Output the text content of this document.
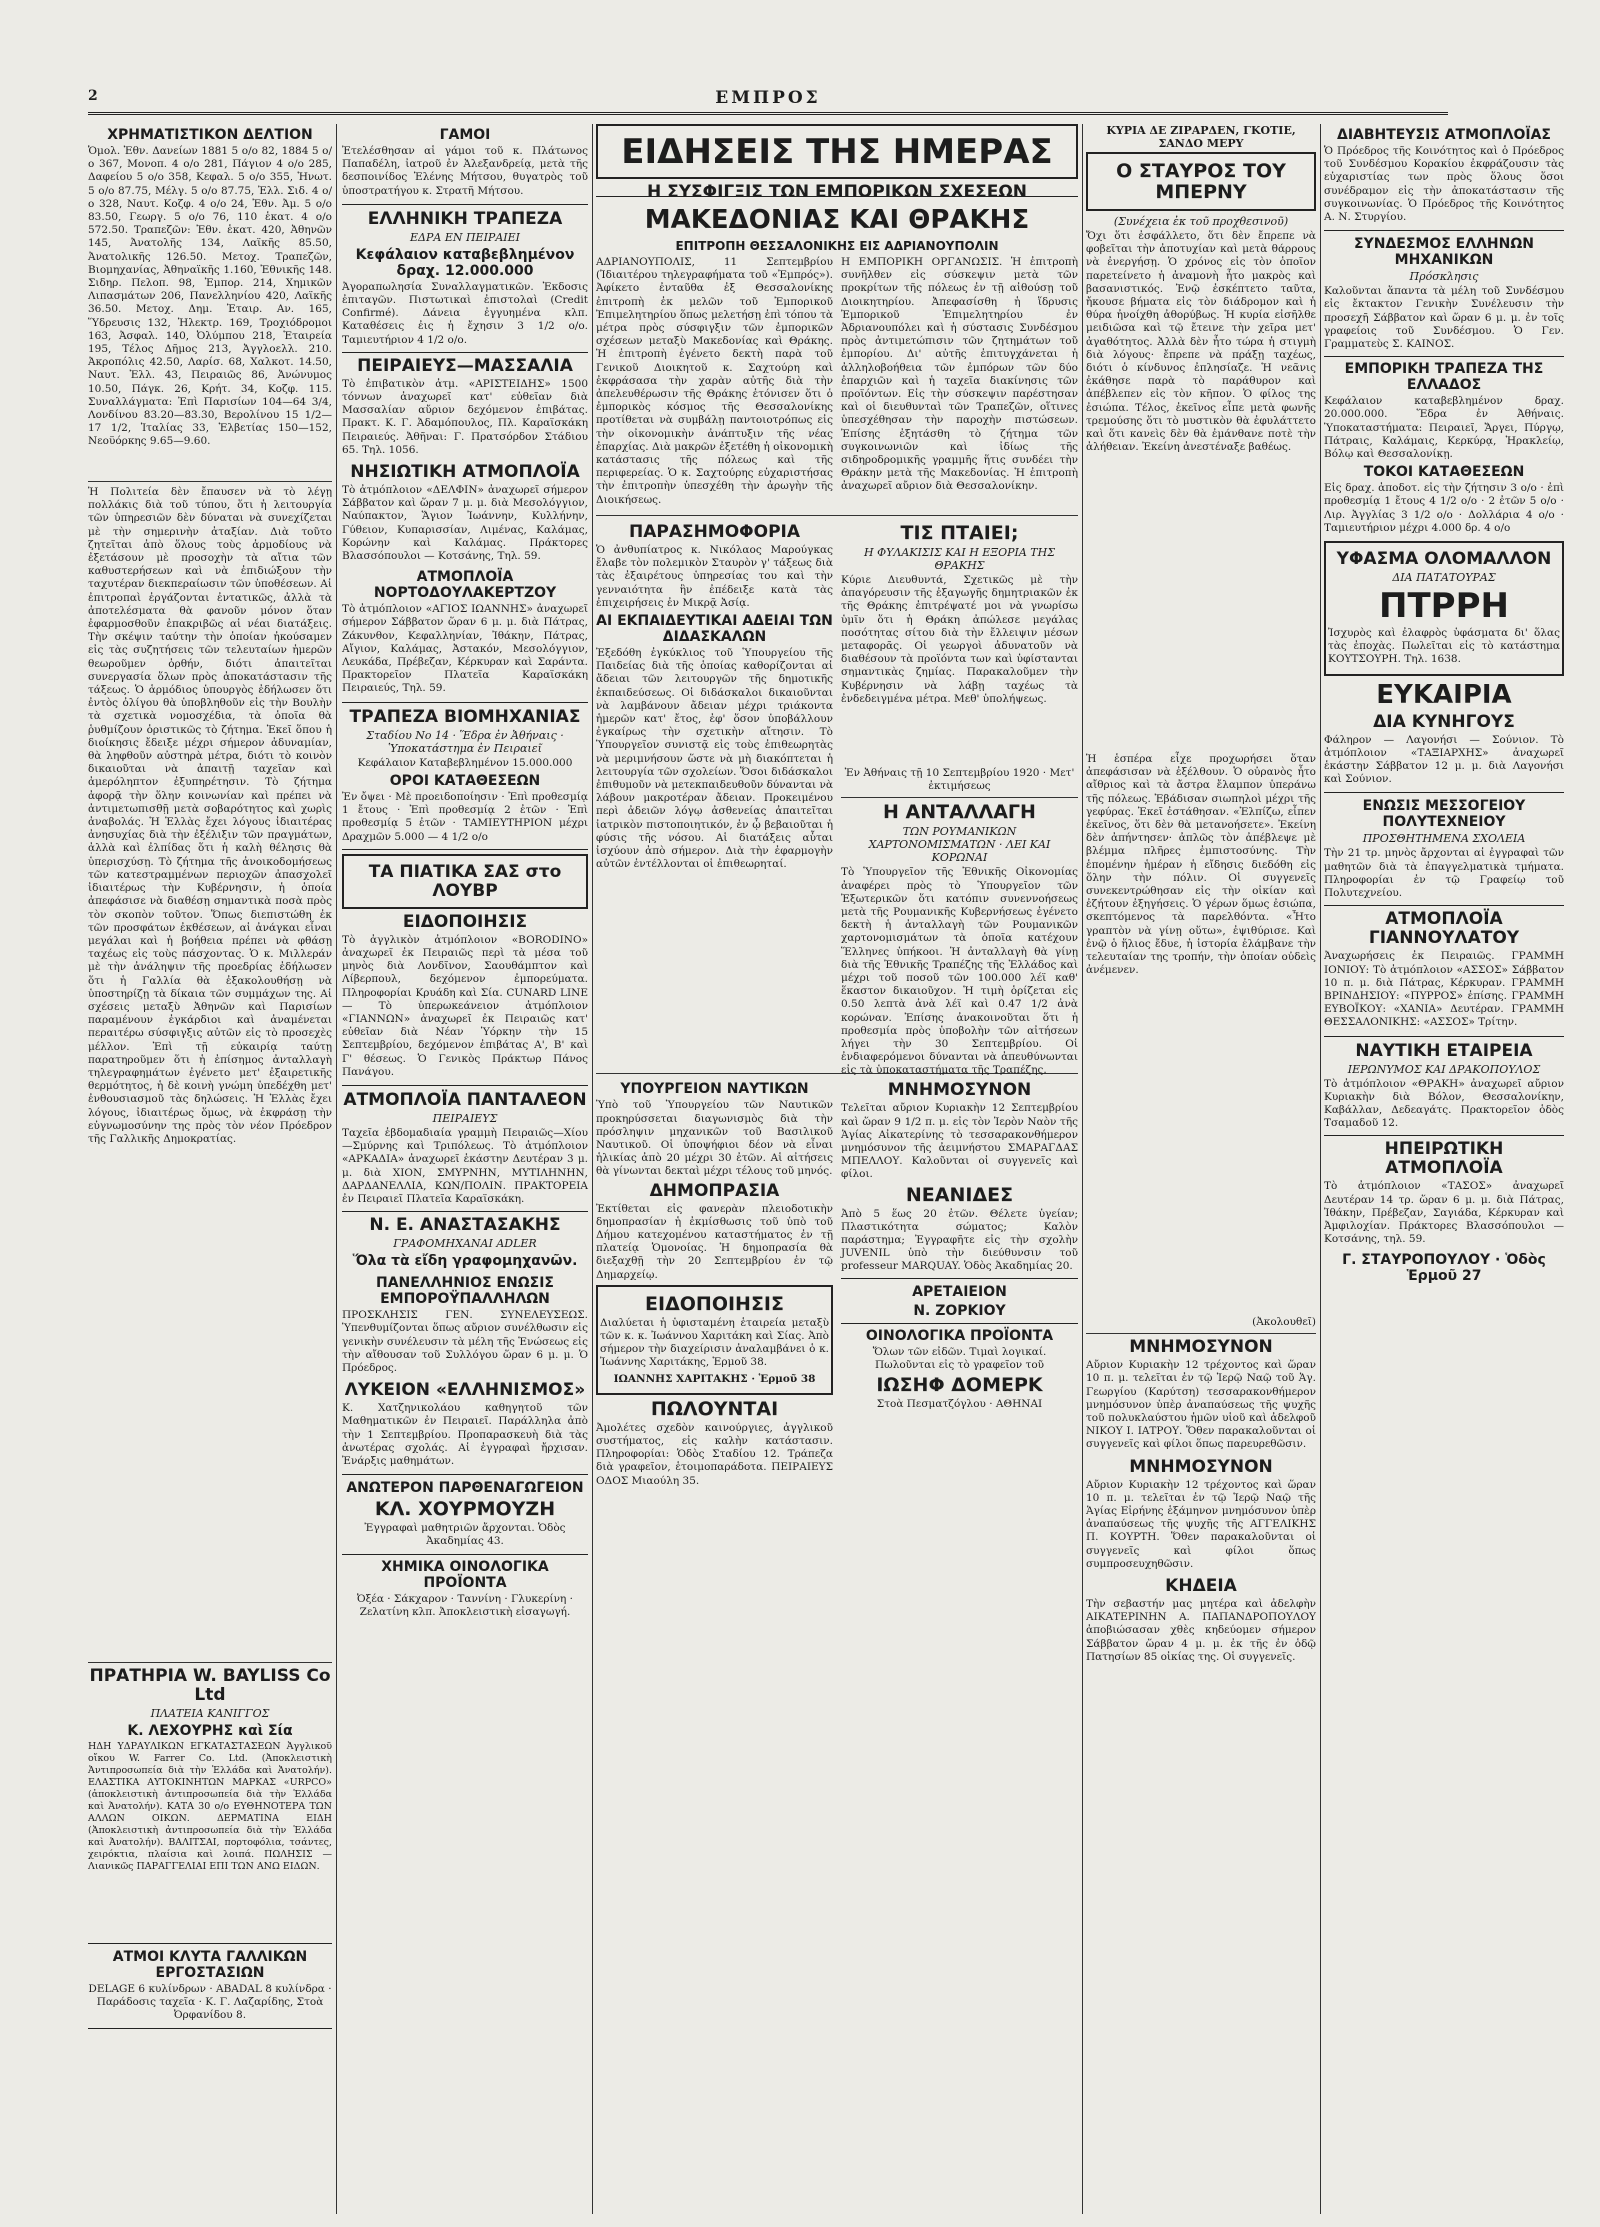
2	ΕΜΠΡΟΣ
ΧΡΗΜΑΤΙΣΤΙΚΟΝ ΔΕΛΤΙΟΝ
Ὁμολ. Ἐθν. Δανείων 1881 5 ο/ο 82, 1884 5 ο/ο 367, Μονοπ. 4 ο/ο 281, Πάγιον 4 ο/ο 285, Δαφείου 5 ο/ο 358, Κεφαλ. 5 ο/ο 355, Ἡνωτ. 5 ο/ο 87.75, Μέλγ. 5 ο/ο 87.75, Ἐλλ. Σιδ. 4 ο/ο 328, Ναυτ. Κοζφ. 4 ο/ο 24, Ἐθν. Ἀμ. 5 ο/ο 83.50, Γεωργ. 5 ο/ο 76, 110 ἑκατ. 4 ο/ο 572.50. Τραπεζῶν: Ἐθν. ἑκατ. 420, Ἀθηνῶν 145, Ἀνατολῆς 134, Λαϊκῆς 85.50, Ἀνατολικῆς 126.50. Μετοχ. Τραπεζῶν, Βιομηχανίας, Ἀθηναϊκῆς 1.160, Ἐθνικῆς 148. Σιδηρ. Πελοπ. 98, Ἐμπορ. 214, Χημικῶν Λιπασμάτων 206, Πανελληνίου 420, Λαϊκῆς 36.50. Μετοχ. Δημ. Ἐταιρ. Αν. 165, Ὕδρευσις 132, Ἡλεκτρ. 169, Τροχιόδρομοι 163, Ἀσφαλ. 140, Ὀλύμπου 218, Ἑταιρεία 195, Τέλος Δῆμος 213, Ἀγγλοελλ. 210. Ἀκροπόλις 42.50, Λαρίσ. 68, Χαλκοτ. 14.50, Ναυτ. Ἐλλ. 43, Πειραιῶς 86, Ἀνώνυμος 10.50, Πάγκ. 26, Κρήτ. 34, Κοζφ. 115. Συναλλάγματα: Ἐπὶ Παρισίων 104—64 3/4, Λονδίνου 83.20—83.30, Βερολίνου 15 1/2—17 1/2, Ἰταλίας 33, Ἑλβετίας 150—152, Νεοϋόρκης 9.65—9.60.
Ἡ Πολιτεία δὲν ἔπαυσεν νὰ τὸ λέγῃ πολλάκις διὰ τοῦ τύπου, ὅτι ἡ λειτουργία τῶν ὑπηρεσιῶν δὲν δύναται νὰ συνεχίζεται μὲ τὴν σημερινὴν ἀταξίαν. Διὰ τοῦτο ζητεῖται ἀπὸ ὅλους τοὺς ἁρμοδίους νὰ ἐξετάσουν μὲ προσοχὴν τὰ αἴτια τῶν καθυστερήσεων καὶ νὰ ἐπιδιώξουν τὴν ταχυτέραν διεκπεραίωσιν τῶν ὑποθέσεων. Αἱ ἐπιτροπαὶ ἐργάζονται ἐντατικῶς, ἀλλὰ τὰ ἀποτελέσματα θὰ φανοῦν μόνον ὅταν ἐφαρμοσθοῦν ἐπακριβῶς αἱ νέαι διατάξεις. Τὴν σκέψιν ταύτην τὴν ὁποίαν ἠκούσαμεν εἰς τὰς συζητήσεις τῶν τελευταίων ἡμερῶν θεωροῦμεν ὀρθήν, διότι ἀπαιτεῖται συνεργασία ὅλων πρὸς ἀποκατάστασιν τῆς τάξεως. Ὁ ἁρμόδιος ὑπουργὸς ἐδήλωσεν ὅτι ἐντὸς ὀλίγου θὰ ὑποβληθοῦν εἰς τὴν Βουλὴν τὰ σχετικὰ νομοσχέδια, τὰ ὁποῖα θὰ ῥυθμίζουν ὁριστικῶς τὸ ζήτημα. Ἐκεῖ ὅπου ἡ διοίκησις ἔδειξε μέχρι σήμερον ἀδυναμίαν, θὰ ληφθοῦν αὐστηρὰ μέτρα, διότι τὸ κοινὸν δικαιοῦται νὰ ἀπαιτῇ ταχεῖαν καὶ ἀμερόληπτον ἐξυπηρέτησιν. Τὸ ζήτημα ἀφορᾷ τὴν ὅλην κοινωνίαν καὶ πρέπει νὰ ἀντιμετωπισθῇ μετὰ σοβαρότητος καὶ χωρὶς ἀναβολάς. Ἡ Ἑλλὰς ἔχει λόγους ἰδιαιτέρας ἀνησυχίας διὰ τὴν ἐξέλιξιν τῶν πραγμάτων, ἀλλὰ καὶ ἐλπίδας ὅτι ἡ καλὴ θέλησις θὰ ὑπερισχύσῃ. Τὸ ζήτημα τῆς ἀνοικοδομήσεως τῶν κατεστραμμένων περιοχῶν ἀπασχολεῖ ἰδιαιτέρως τὴν Κυβέρνησιν, ἡ ὁποία ἀπεφάσισε νὰ διαθέσῃ σημαντικὰ ποσὰ πρὸς τὸν σκοπὸν τοῦτον. Ὅπως διεπιστώθη ἐκ τῶν προσφάτων ἐκθέσεων, αἱ ἀνάγκαι εἶναι μεγάλαι καὶ ἡ βοήθεια πρέπει νὰ φθάσῃ ταχέως εἰς τοὺς πάσχοντας. Ὁ κ. Μιλλεράν μὲ τὴν ἀνάληψιν τῆς προεδρίας ἐδήλωσεν ὅτι ἡ Γαλλία θὰ ἐξακολουθήσῃ νὰ ὑποστηρίζῃ τὰ δίκαια τῶν συμμάχων της. Αἱ σχέσεις μεταξὺ Ἀθηνῶν καὶ Παρισίων παραμένουν ἐγκάρδιοι καὶ ἀναμένεται περαιτέρω σύσφιγξις αὐτῶν εἰς τὸ προσεχὲς μέλλον. Ἐπὶ τῇ εὐκαιρίᾳ ταύτῃ παρατηροῦμεν ὅτι ἡ ἐπίσημος ἀνταλλαγὴ τηλεγραφημάτων ἐγένετο μετ' ἐξαιρετικῆς θερμότητος, ἡ δὲ κοινὴ γνώμη ὑπεδέχθη μετ' ἐνθουσιασμοῦ τὰς δηλώσεις. Ἡ Ἑλλὰς ἔχει λόγους, ἰδιαιτέρως ὅμως, νὰ ἐκφράσῃ τὴν εὐγνωμοσύνην της πρὸς τὸν νέον Πρόεδρον τῆς Γαλλικῆς Δημοκρατίας.
ΠΡΑΤΗΡΙΑ W. BAYLISS Co Ltd
ΠΛΑΤΕΙΑ ΚΑΝΙΓΓΟΣ
Κ. ΛΕΧΟΥΡΗΣ καὶ Σία
ΗΔΗ ΥΔΡΑΥΛΙΚΩΝ ΕΓΚΑΤΑΣΤΑΣΕΩΝ Ἀγγλικοῦ οἴκου W. Farrer Co. Ltd. (Ἀποκλειστικὴ Ἀντιπροσωπεία διὰ τὴν Ἑλλάδα καὶ Ἀνατολήν). ΕΛΑΣΤΙΚΑ ΑΥΤΟΚΙΝΗΤΩΝ ΜΑΡΚΑΣ «URPCO» (ἀποκλειστικὴ ἀντιπροσωπεία διὰ τὴν Ἑλλάδα καὶ Ἀνατολήν). ΚΑΤΑ 30 ο/ο ΕΥΘΗΝΟΤΕΡΑ ΤΩΝ ΑΛΛΩΝ ΟΙΚΩΝ. ΔΕΡΜΑΤΙΝΑ ΕΙΔΗ (Ἀποκλειστικὴ ἀντιπροσωπεία διὰ τὴν Ἑλλάδα καὶ Ἀνατολήν). ΒΑΛΙΤΣΑΙ, πορτοφόλια, τσάντες, χειρόκτια, πλαίσια καὶ λοιπά. ΠΩΛΗΣΙΣ — Λιανικῶς ΠΑΡΑΓΓΕΛΙΑΙ ΕΠΙ ΤΩΝ ΑΝΩ ΕΙΔΩΝ.
ΑΤΜΟΙ ΚΛΥΤΑ ΓΑΛΛΙΚΩΝ ΕΡΓΟΣΤΑΣΙΩΝ
DELAGE 6 κυλίνδρων · ABADAL 8 κυλίνδρα · Παράδοσις ταχεῖα · Κ. Γ. Λαζαρίδης, Στοὰ Ὀρφανίδου 8.
ΓΑΜΟΙ
Ἐτελέσθησαν αἱ γάμοι τοῦ κ. Πλάτωνος Παπαδέλη, ἰατροῦ ἐν Ἀλεξανδρείᾳ, μετὰ τῆς δεσποινίδος Ἑλένης Μήτσου, θυγατρὸς τοῦ ὑποστρατήγου κ. Στρατῆ Μήτσου.
ΕΛΛΗΝΙΚΗ ΤΡΑΠΕΖΑ
ΕΔΡΑ ΕΝ ΠΕΙΡΑΙΕΙ
Κεφάλαιον καταβεβλημένον δραχ. 12.000.000
Ἀγοραπωλησία Συναλλαγματικῶν. Ἐκδοσις ἐπιταγῶν. Πιστωτικαὶ ἐπιστολαὶ (Credit Confirmé). Δάνεια ἐγγυημένα κλπ. Καταθέσεις ἐις ἡ ἔχησιν 3 1/2 ο/ο. Ταμιευτήριον 4 1/2 ο/ο.
ΠΕΙΡΑΙΕΥΣ—ΜΑΣΣΑΛΙΑ
Τὸ ἐπιβατικὸν ἀτμ. «ΑΡΙΣΤΕΙΔΗΣ» 1500 τόννων ἀναχωρεῖ κατ' εὐθεῖαν διὰ Μασσαλίαν αὔριον δεχόμενον ἐπιβάτας. Πρακτ. Κ. Γ. Ἀδαμόπουλος, Πλ. Καραϊσκάκη Πειραιεύς. Ἀθῆναι: Γ. Πρατσόρδον Στάδιου 65. Τηλ. 1056.
ΝΗΣΙΩΤΙΚΗ ΑΤΜΟΠΛΟΪΑ
Τὸ ἀτμόπλοιον «ΔΕΛΦΙΝ» ἀναχωρεῖ σήμερον Σάββατον καὶ ὥραν 7 μ. μ. διὰ Μεσολόγγιον, Ναύπακτον, Ἅγιον Ἰωάννην, Κυλλήνην, Γύθειον, Κυπαρισσίαν, Λιμένας, Καλάμας, Κορώνην καὶ Καλάμας. Πράκτορες Βλασσόπουλοι — Κοτσάνης, Τηλ. 59.
ΑΤΜΟΠΛΟΪΑ ΝΟΡΤΟΔΟΥΛΑΚΕΡΤΖΟΥ
Τὸ ἀτμόπλοιον «ΑΓΙΟΣ ΙΩΑΝΝΗΣ» ἀναχωρεῖ σήμερον Σάββατον ὥραν 6 μ. μ. διὰ Πάτρας, Ζάκυνθον, Κεφαλληνίαν, Ἰθάκην, Πάτρας, Αἴγιον, Καλάμας, Ἀστακόν, Μεσολόγγιον, Λευκάδα, Πρέβεζαν, Κέρκυραν καὶ Σαράντα. Πρακτορεῖον Πλατεῖα Καραϊσκάκη Πειραιεύς, Τηλ. 59.
ΤΡΑΠΕΖΑ ΒΙΟΜΗΧΑΝΙΑΣ
Σταδίου No 14 · Ἕδρα ἐν Ἀθήναις · Ὑποκατάστημα ἐν Πειραιεῖ
Κεφάλαιον Καταβεβλημένον 15.000.000
ΟΡΟΙ ΚΑΤΑΘΕΣΕΩΝ
Ἐν ὄψει · Μὲ προειδοποίησιν · Ἐπὶ προθεσμίᾳ 1 ἔτους · Ἐπὶ προθεσμίᾳ 2 ἐτῶν · Ἐπὶ προθεσμίᾳ 5 ἐτῶν · ΤΑΜΙΕΥΤΗΡΙΟΝ μέχρι Δραχμῶν 5.000 — 4 1/2 ο/ο
ΤΑ ΠΙΑΤΙΚΑ ΣΑΣ στο ΛΟΥΒΡ
ΕΙΔΟΠΟΙΗΣΙΣ
Τὸ ἀγγλικὸν ἀτμόπλοιον «BORODINO» ἀναχωρεῖ ἐκ Πειραιῶς περὶ τὰ μέσα τοῦ μηνὸς διὰ Λονδῖνον, Σαουθάμπτον καὶ Λίβερπουλ, δεχόμενον ἐμπορεύματα. Πληροφορίαι Κρυάδη καὶ Σία. CUNARD LINE — Τὸ ὑπερωκεάνειον ἀτμόπλοιον «ΓΙΑΝΝΩΝ» ἀναχωρεῖ ἐκ Πειραιῶς κατ' εὐθεῖαν διὰ Νέαν Ὑόρκην τὴν 15 Σεπτεμβρίου, δεχόμενον ἐπιβάτας Α', Β' καὶ Γ' θέσεως. Ὁ Γενικὸς Πράκτωρ Πάνος Πανάγου.
ΑΤΜΟΠΛΟΪΑ ΠΑΝΤΑΛΕΟΝ
ΠΕΙΡΑΙΕΥΣ
Ταχεῖα ἑβδομαδιαία γραμμὴ Πειραιῶς—Χίου—Σμύρνης καὶ Τριπόλεως. Τὸ ἀτμόπλοιον «ΑΡΚΑΔΙΑ» ἀναχωρεῖ ἑκάστην Δευτέραν 3 μ. μ. διὰ ΧΙΟΝ, ΣΜΥΡΝΗΝ, ΜΥΤΙΛΗΝΗΝ, ΔΑΡΔΑΝΕΛΛΙΑ, ΚΩΝ/ΠΟΛΙΝ. ΠΡΑΚΤΟΡΕΙΑ ἐν Πειραιεῖ Πλατεῖα Καραϊσκάκη.
Ν. Ε. ΑΝΑΣΤΑΣΑΚΗΣ
ΓΡΑΦΟΜΗΧΑΝΑΙ ADLER
Ὅλα τὰ εἴδη γραφομηχανῶν.
ΠΑΝΕΛΛΗΝΙΟΣ ΕΝΩΣΙΣ ΕΜΠΟΡΟΫΠΑΛΛΗΛΩΝ
ΠΡΟΣΚΛΗΣΙΣ ΓΕΝ. ΣΥΝΕΛΕΥΣΕΩΣ. Ὑπενθυμίζονται ὅπως αὔριον συνέλθωσιν εἰς γενικὴν συνέλευσιν τὰ μέλη τῆς Ἑνώσεως εἰς τὴν αἴθουσαν τοῦ Συλλόγου ὥραν 6 μ. μ. Ὁ Πρόεδρος.
ΛΥΚΕΙΟΝ «ΕΛΛΗΝΙΣΜΟΣ»
Κ. Χατζηνικολάου καθηγητοῦ τῶν Μαθηματικῶν ἐν Πειραιεῖ. Παράλληλα ἀπὸ τὴν 1 Σεπτεμβρίου. Προπαρασκευὴ διὰ τὰς ἀνωτέρας σχολάς. Αἱ ἐγγραφαὶ ἤρχισαν. Ἐνάρξις μαθημάτων.
ΑΝΩΤΕΡΟΝ ΠΑΡΘΕΝΑΓΩΓΕΙΟΝ
ΚΛ. ΧΟΥΡΜΟΥΖΗ
Ἐγγραφαὶ μαθητριῶν ἄρχονται. Ὁδὸς Ἀκαδημίας 43.
ΧΗΜΙΚΑ ΟΙΝΟΛΟΓΙΚΑ ΠΡΟΪΟΝΤΑ
Ὀξέα · Σάκχαρον · Ταννίνη · Γλυκερίνη · Ζελατίνη κλπ. Ἀποκλειστικὴ εἰσαγωγή.
ΕΙΔΗΣΕΙΣ ΤΗΣ ΗΜΕΡΑΣ
Η ΣΥΣΦΙΓΞΙΣ ΤΩΝ ΕΜΠΟΡΙΚΩΝ ΣΧΕΣΕΩΝ
ΜΑΚΕΔΟΝΙΑΣ ΚΑΙ ΘΡΑΚΗΣ
ΕΠΙΤΡΟΠΗ ΘΕΣΣΑΛΟΝΙΚΗΣ ΕΙΣ ΑΔΡΙΑΝΟΥΠΟΛΙΝ
ΑΔΡΙΑΝΟΥΠΟΛΙΣ, 11 Σεπτεμβρίου (Ἰδιαιτέρου τηλεγραφήματα τοῦ «Ἐμπρός»). Ἀφίκετο ἐνταῦθα ἐξ Θεσσαλονίκης ἐπιτροπὴ ἐκ μελῶν τοῦ Ἐμπορικοῦ Ἐπιμελητηρίου ὅπως μελετήσῃ ἐπὶ τόπου τὰ μέτρα πρὸς σύσφιγξιν τῶν ἐμπορικῶν σχέσεων μεταξὺ Μακεδονίας καὶ Θράκης. Ἡ ἐπιτροπὴ ἐγένετο δεκτὴ παρὰ τοῦ Γενικοῦ Διοικητοῦ κ. Σαχτούρη καὶ ἐκφράσασα τὴν χαρὰν αὐτῆς διὰ τὴν ἀπελευθέρωσιν τῆς Θράκης ἐτόνισεν ὅτι ὁ ἐμπορικὸς κόσμος τῆς Θεσσαλονίκης προτίθεται νὰ συμβάλῃ παντοιοτρόπως εἰς τὴν οἰκονομικὴν ἀνάπτυξιν τῆς νέας ἐπαρχίας. Διὰ μακρῶν ἐξετέθη ἡ οἰκονομικὴ κατάστασις τῆς πόλεως καὶ τῆς περιφερείας. Ὁ κ. Σαχτούρης εὐχαριστήσας τὴν ἐπιτροπὴν ὑπεσχέθη τὴν ἀρωγὴν τῆς Διοικήσεως.
Η ΕΜΠΟΡΙΚΗ ΟΡΓΑΝΩΣΙΣ. Ἡ ἐπιτροπὴ συνῆλθεν εἰς σύσκεψιν μετὰ τῶν προκρίτων τῆς πόλεως ἐν τῇ αἰθούσῃ τοῦ Διοικητηρίου. Ἀπεφασίσθη ἡ ἵδρυσις Ἐμπορικοῦ Ἐπιμελητηρίου ἐν Ἀδριανουπόλει καὶ ἡ σύστασις Συνδέσμου πρὸς ἀντιμετώπισιν τῶν ζητημάτων τοῦ ἐμπορίου. Δι' αὐτῆς ἐπιτυγχάνεται ἡ ἀλληλοβοήθεια τῶν ἐμπόρων τῶν δύο ἐπαρχιῶν καὶ ἡ ταχεῖα διακίνησις τῶν προϊόντων. Εἰς τὴν σύσκεψιν παρέστησαν καὶ οἱ διευθυνταὶ τῶν Τραπεζῶν, οἵτινες ὑπεσχέθησαν τὴν παροχὴν πιστώσεων. Ἐπίσης ἐξητάσθη τὸ ζήτημα τῶν συγκοινωνιῶν καὶ ἰδίως τῆς σιδηροδρομικῆς γραμμῆς ἥτις συνδέει τὴν Θράκην μετὰ τῆς Μακεδονίας. Ἡ ἐπιτροπὴ ἀναχωρεῖ αὔριον διὰ Θεσσαλονίκην.
ΠΑΡΑΣΗΜΟΦΟΡΙΑ
Ὁ ἀνθυπίατρος κ. Νικόλαος Μαρούγκας ἔλαβε τὸν πολεμικὸν Σταυρὸν γ' τάξεως διὰ τὰς ἐξαιρέτους ὑπηρεσίας του καὶ τὴν γενναιότητα ἣν ἐπέδειξε κατὰ τὰς ἐπιχειρήσεις ἐν Μικρᾷ Ἀσίᾳ.
ΑΙ ΕΚΠΑΙΔΕΥΤΙΚΑΙ ΑΔΕΙΑΙ ΤΩΝ ΔΙΔΑΣΚΑΛΩΝ
Ἐξεδόθη ἐγκύκλιος τοῦ Ὑπουργείου τῆς Παιδείας διὰ τῆς ὁποίας καθορίζονται αἱ ἄδειαι τῶν λειτουργῶν τῆς δημοτικῆς ἐκπαιδεύσεως. Οἱ διδάσκαλοι δικαιοῦνται νὰ λαμβάνουν ἄδειαν μέχρι τριάκοντα ἡμερῶν κατ' ἔτος, ἐφ' ὅσον ὑποβάλλουν ἐγκαίρως τὴν σχετικὴν αἴτησιν. Τὸ Ὑπουργεῖον συνιστᾷ εἰς τοὺς ἐπιθεωρητὰς νὰ μεριμνήσουν ὥστε νὰ μὴ διακόπτεται ἡ λειτουργία τῶν σχολείων. Ὅσοι διδάσκαλοι ἐπιθυμοῦν νὰ μετεκπαιδευθοῦν δύνανται νὰ λάβουν μακροτέραν ἄδειαν. Προκειμένου περὶ ἀδειῶν λόγῳ ἀσθενείας ἀπαιτεῖται ἰατρικὸν πιστοποιητικόν, ἐν ᾧ βεβαιοῦται ἡ φύσις τῆς νόσου. Αἱ διατάξεις αὗται ἰσχύουν ἀπὸ σήμερον. Διὰ τὴν ἐφαρμογὴν αὐτῶν ἐντέλλονται οἱ ἐπιθεωρηταί.
ΤΙΣ ΠΤΑΙΕΙ;
Η ΦΥΛΑΚΙΣΙΣ ΚΑΙ Η ΕΞΟΡΙΑ ΤΗΣ ΘΡΑΚΗΣ
Κύριε Διευθυντά, Σχετικῶς μὲ τὴν ἀπαγόρευσιν τῆς ἐξαγωγῆς δημητριακῶν ἐκ τῆς Θράκης ἐπιτρέψατέ μοι νὰ γνωρίσω ὑμῖν ὅτι ἡ Θράκη ἀπώλεσε μεγάλας ποσότητας σίτου διὰ τὴν ἔλλειψιν μέσων μεταφορᾶς. Οἱ γεωργοὶ ἀδυνατοῦν νὰ διαθέσουν τὰ προϊόντα των καὶ ὑφίστανται σημαντικὰς ζημίας. Παρακαλοῦμεν τὴν Κυβέρνησιν νὰ λάβῃ ταχέως τὰ ἐνδεδειγμένα μέτρα. Μεθ' ὑπολήψεως.
Ἐν Ἀθήναις τῇ 10 Σεπτεμβρίου 1920 · Μετ' ἐκτιμήσεως
Η ΑΝΤΑΛΛΑΓΗ
ΤΩΝ ΡΟΥΜΑΝΙΚΩΝ ΧΑΡΤΟΝΟΜΙΣΜΑΤΩΝ · ΛΕΙ ΚΑΙ ΚΟΡΩΝΑΙ
Τὸ Ὑπουργεῖον τῆς Ἐθνικῆς Οἰκονομίας ἀναφέρει πρὸς τὸ Ὑπουργεῖον τῶν Ἐξωτερικῶν ὅτι κατόπιν συνεννοήσεως μετὰ τῆς Ρουμανικῆς Κυβερνήσεως ἐγένετο δεκτὴ ἡ ἀνταλλαγὴ τῶν Ρουμανικῶν χαρτονομισμάτων τὰ ὁποῖα κατέχουν Ἕλληνες ὑπήκοοι. Ἡ ἀνταλλαγὴ θὰ γίνῃ διὰ τῆς Ἐθνικῆς Τραπέζης τῆς Ἑλλάδος καὶ μέχρι τοῦ ποσοῦ τῶν 100.000 λέϊ καθ' ἕκαστον δικαιοῦχον. Ἡ τιμὴ ὁρίζεται εἰς 0.50 λεπτὰ ἀνὰ λέϊ καὶ 0.47 1/2 ἀνὰ κορώναν. Ἐπίσης ἀνακοινοῦται ὅτι ἡ προθεσμία πρὸς ὑποβολὴν τῶν αἰτήσεων λήγει τὴν 30 Σεπτεμβρίου. Οἱ ἐνδιαφερόμενοι δύνανται νὰ ἀπευθύνωνται εἰς τὰ ὑποκαταστήματα τῆς Τραπέζης.
ΥΠΟΥΡΓΕΙΟΝ ΝΑΥΤΙΚΩΝ
Ὑπὸ τοῦ Ὑπουργείου τῶν Ναυτικῶν προκηρύσσεται διαγωνισμὸς διὰ τὴν πρόσληψιν μηχανικῶν τοῦ Βασιλικοῦ Ναυτικοῦ. Οἱ ὑποψήφιοι δέον νὰ εἶναι ἡλικίας ἀπὸ 20 μέχρι 30 ἐτῶν. Αἱ αἰτήσεις θὰ γίνωνται δεκταὶ μέχρι τέλους τοῦ μηνός.
ΔΗΜΟΠΡΑΣΙΑ
Ἐκτίθεται εἰς φανερὰν πλειοδοτικὴν δημοπρασίαν ἡ ἐκμίσθωσις τοῦ ὑπὸ τοῦ Δήμου κατεχομένου καταστήματος ἐν τῇ πλατείᾳ Ὁμονοίας. Ἡ δημοπρασία θὰ διεξαχθῇ τὴν 20 Σεπτεμβρίου ἐν τῷ Δημαρχείῳ.
ΕΙΔΟΠΟΙΗΣΙΣ
Διαλύεται ἡ ὑφισταμένη ἑταιρεία μεταξὺ τῶν κ. κ. Ἰωάννου Χαριτάκη καὶ Σίας. Ἀπὸ σήμερον τὴν διαχείρισιν ἀναλαμβάνει ὁ κ. Ἰωάννης Χαριτάκης, Ἑρμοῦ 38.
ΙΩΑΝΝΗΣ ΧΑΡΙΤΑΚΗΣ · Ἑρμοῦ 38
ΠΩΛΟΥΝΤΑΙ
Ἀμολέτες σχεδὸν καινούργιες, ἀγγλικοῦ συστήματος, εἰς καλὴν κατάστασιν. Πληροφορίαι: Ὁδὸς Σταδίου 12. Τράπεζα διὰ γραφεῖον, ἑτοιμοπαράδοτα. ΠΕΙΡΑΙΕΥΣ ΟΔΟΣ Μιαούλη 35.
ΜΝΗΜΟΣΥΝΟΝ
Τελεῖται αὔριον Κυριακὴν 12 Σεπτεμβρίου καὶ ὥραν 9 1/2 π. μ. εἰς τὸν Ἱερὸν Ναὸν τῆς Ἁγίας Αἰκατερίνης τὸ τεσσαρακονθήμερον μνημόσυνον τῆς ἀειμνήστου ΣΜΑΡΑΓΔΑΣ ΜΠΕΛΛΟΥ. Καλοῦνται οἱ συγγενεῖς καὶ φίλοι.
ΝΕΑΝΙΔΕΣ
Ἀπὸ 5 ἕως 20 ἐτῶν. Θέλετε ὑγείαν; Πλαστικότητα σώματος; Καλὸν παράστημα; Ἐγγραφῆτε εἰς τὴν σχολὴν JUVENIL ὑπὸ τὴν διεύθυνσιν τοῦ professeur MARQUAY. Ὁδὸς Ἀκαδημίας 20.
ΑΡΕΤΑΙΕΙΟΝ
Ν. ΖΟΡΚΙΟΥ
ΟΙΝΟΛΟΓΙΚΑ ΠΡΟΪΟΝΤΑ
Ὅλων τῶν εἰδῶν. Τιμαὶ λογικαί. Πωλοῦνται εἰς τὸ γραφεῖον τοῦ
ΙΩΣΗΦ ΔΟΜΕΡΚ
Στοὰ Πεσματζόγλου · ΑΘΗΝΑΙ
ΚΥΡΙΑ ΔΕ ΖΙΡΑΡΔΕΝ, ΓΚΟΤΙΕ, ΣΑΝΔΟ ΜΕΡΥ
Ο ΣΤΑΥΡΟΣ ΤΟΥ ΜΠΕΡΝΥ
(Συνέχεια ἐκ τοῦ προχθεσινοῦ)
Ὄχι ὅτι ἐσφάλλετο, ὅτι δὲν ἔπρεπε νὰ φοβεῖται τὴν ἀποτυχίαν καὶ μετὰ θάρρους νὰ ἐνεργήσῃ. Ὁ χρόνος εἰς τὸν ὁποῖον παρετείνετο ἡ ἀναμονὴ ἦτο μακρὸς καὶ βασανιστικός. Ἐνῷ ἐσκέπτετο ταῦτα, ἤκουσε βήματα εἰς τὸν διάδρομον καὶ ἡ θύρα ἠνοίχθη ἀθορύβως. Ἡ κυρία εἰσῆλθε μειδιῶσα καὶ τῷ ἔτεινε τὴν χεῖρα μετ' ἀγαθότητος. Ἀλλὰ δὲν ἦτο τώρα ἡ στιγμὴ διὰ λόγους· ἔπρεπε νὰ πράξῃ ταχέως, διότι ὁ κίνδυνος ἐπλησίαζε. Ἡ νεᾶνις ἐκάθησε παρὰ τὸ παράθυρον καὶ ἀπέβλεπεν εἰς τὸν κῆπον. Ὁ φίλος της ἐσιώπα. Τέλος, ἐκεῖνος εἶπε μετὰ φωνῆς τρεμούσης ὅτι τὸ μυστικὸν θὰ ἐφυλάττετο καὶ ὅτι κανεὶς δὲν θὰ ἐμάνθανε ποτὲ τὴν ἀλήθειαν. Ἐκείνη ἀνεστέναξε βαθέως.
Ἡ ἑσπέρα εἶχε προχωρήσει ὅταν ἀπεφάσισαν νὰ ἐξέλθουν. Ὁ οὐρανὸς ἦτο αἴθριος καὶ τὰ ἄστρα ἔλαμπον ὑπεράνω τῆς πόλεως. Ἐβάδισαν σιωπηλοὶ μέχρι τῆς γεφύρας. Ἐκεῖ ἐστάθησαν. «Ἐλπίζω, εἶπεν ἐκεῖνος, ὅτι δὲν θὰ μετανοήσετε». Ἐκείνη δὲν ἀπήντησεν· ἀπλῶς τὸν ἀπέβλεψε μὲ βλέμμα πλῆρες ἐμπιστοσύνης. Τὴν ἑπομένην ἡμέραν ἡ εἴδησις διεδόθη εἰς ὅλην τὴν πόλιν. Οἱ συγγενεῖς συνεκεντρώθησαν εἰς τὴν οἰκίαν καὶ ἐζήτουν ἐξηγήσεις. Ὁ γέρων ὅμως ἐσιώπα, σκεπτόμενος τὰ παρελθόντα. «Ἦτο γραπτὸν νὰ γίνῃ οὕτω», ἐψιθύρισε. Καὶ ἐνῷ ὁ ἥλιος ἔδυε, ἡ ἱστορία ἐλάμβανε τὴν τελευταίαν της τροπήν, τὴν ὁποίαν οὐδεὶς ἀνέμενεν.
(Ἀκολουθεῖ)
ΜΝΗΜΟΣΥΝΟΝ
Αὔριον Κυριακὴν 12 τρέχοντος καὶ ὥραν 10 π. μ. τελεῖται ἐν τῷ Ἱερῷ Ναῷ τοῦ Ἁγ. Γεωργίου (Καρύτση) τεσσαρακονθήμερον μνημόσυνον ὑπὲρ ἀναπαύσεως τῆς ψυχῆς τοῦ πολυκλαύστου ἡμῶν υἱοῦ καὶ ἀδελφοῦ ΝΙΚΟΥ Ι. ΙΑΤΡΟΥ. Ὅθεν παρακαλοῦνται οἱ συγγενεῖς καὶ φίλοι ὅπως παρευρεθῶσιν.
ΜΝΗΜΟΣΥΝΟΝ
Αὔριον Κυριακὴν 12 τρέχοντος καὶ ὥραν 10 π. μ. τελεῖται ἐν τῷ Ἱερῷ Ναῷ τῆς Ἁγίας Εἰρήνης ἑξάμηνον μνημόσυνον ὑπὲρ ἀναπαύσεως τῆς ψυχῆς τῆς ΑΓΓΕΛΙΚΗΣ Π. ΚΟΥΡΤΗ. Ὅθεν παρακαλοῦνται οἱ συγγενεῖς καὶ φίλοι ὅπως συμπροσευχηθῶσιν.
ΚΗΔΕΙΑ
Τὴν σεβαστήν μας μητέρα καὶ ἀδελφὴν ΑΙΚΑΤΕΡΙΝΗΝ Α. ΠΑΠΑΝΔΡΟΠΟΥΛΟΥ ἀποβιώσασαν χθὲς κηδεύομεν σήμερον Σάββατον ὥραν 4 μ. μ. ἐκ τῆς ἐν ὁδῷ Πατησίων 85 οἰκίας της. Οἱ συγγενεῖς.
ΔΙΑΒΗΤΕΥΣΙΣ ΑΤΜΟΠΛΟΪΑΣ
Ὁ Πρόεδρος τῆς Κοινότητος καὶ ὁ Πρόεδρος τοῦ Συνδέσμου Κορακίου ἐκφράζουσιν τὰς εὐχαριστίας των πρὸς ὅλους ὅσοι συνέδραμον εἰς τὴν ἀποκατάστασιν τῆς συγκοινωνίας. Ὁ Πρόεδρος τῆς Κοινότητος Α. Ν. Στυργίου.
ΣΥΝΔΕΣΜΟΣ ΕΛΛΗΝΩΝ ΜΗΧΑΝΙΚΩΝ
Πρόσκλησις
Καλοῦνται ἅπαντα τὰ μέλη τοῦ Συνδέσμου εἰς ἔκτακτον Γενικὴν Συνέλευσιν τὴν προσεχῆ Σάββατον καὶ ὥραν 6 μ. μ. ἐν τοῖς γραφείοις τοῦ Συνδέσμου. Ὁ Γεν. Γραμματεὺς Σ. ΚΑΙΝΟΣ.
ΕΜΠΟΡΙΚΗ ΤΡΑΠΕΖΑ ΤΗΣ ΕΛΛΑΔΟΣ
Κεφάλαιον καταβεβλημένον δραχ. 20.000.000. Ἕδρα ἐν Ἀθήναις. Ὑποκαταστήματα: Πειραιεῖ, Ἄργει, Πύργῳ, Πάτραις, Καλάμαις, Κερκύρᾳ, Ἡρακλείῳ, Βόλῳ καὶ Θεσσαλονίκῃ.
ΤΟΚΟΙ ΚΑΤΑΘΕΣΕΩΝ
Εἰς δραχ. ἀποδοτ. εἰς τὴν ζήτησιν 3 ο/ο · ἐπὶ προθεσμίᾳ 1 ἔτους 4 1/2 ο/ο · 2 ἐτῶν 5 ο/ο · Λιρ. Ἀγγλίας 3 1/2 ο/ο · Δολλάρια 4 ο/ο · Ταμιευτήριον μέχρι 4.000 δρ. 4 ο/ο
ΥΦΑΣΜΑ ΟΛΟΜΑΛΛΟΝ
ΔΙΑ ΠΑΤΑΤΟΥΡΑΣ
ΠΤΡΡΗ
Ἰσχυρὸς καὶ ἐλαφρὸς ὑφάσματα δι' ὅλας τὰς ἐποχὰς. Πωλεῖται εἰς τὸ κατάστημα ΚΟΥΤΣΟΥΡΗ. Τηλ. 1638.
ΕΥΚΑΙΡΙΑ
ΔΙΑ ΚΥΝΗΓΟΥΣ
Φάληρον — Λαγονήσι — Σούνιον. Τὸ ἀτμόπλοιον «ΤΑΞΙΑΡΧΗΣ» ἀναχωρεῖ ἑκάστην Σάββατον 12 μ. μ. διὰ Λαγονήσι καὶ Σούνιον.
ΕΝΩΣΙΣ ΜΕΣΣΟΓΕΙΟΥ ΠΟΛΥΤΕΧΝΕΙΟΥ
ΠΡΟΣΘΗΤΗΜΕΝΑ ΣΧΟΛΕΙΑ
Τὴν 21 τρ. μηνὸς ἄρχονται αἱ ἐγγραφαὶ τῶν μαθητῶν διὰ τὰ ἐπαγγελματικὰ τμήματα. Πληροφορίαι ἐν τῷ Γραφείῳ τοῦ Πολυτεχνείου.
ΑΤΜΟΠΛΟΪΑ ΓΙΑΝΝΟΥΛΑΤΟΥ
Ἀναχωρήσεις ἐκ Πειραιῶς. ΓΡΑΜΜΗ ΙΟΝΙΟΥ: Τὸ ἀτμόπλοιον «ΑΣΣΟΣ» Σάββατον 10 π. μ. διὰ Πάτρας, Κέρκυραν. ΓΡΑΜΜΗ ΒΡΙΝΔΗΣΙΟΥ: «ΠΥΡΡΟΣ» ἐπίσης. ΓΡΑΜΜΗ ΕΥΒΟΪΚΟΥ: «ΧΑΝΙΑ» Δευτέραν. ΓΡΑΜΜΗ ΘΕΣΣΑΛΟΝΙΚΗΣ: «ΑΣΣΟΣ» Τρίτην.
ΝΑΥΤΙΚΗ ΕΤΑΙΡΕΙΑ
ΙΕΡΩΝΥΜΟΣ ΚΑΙ ΔΡΑΚΟΠΟΥΛΟΣ
Τὸ ἀτμόπλοιον «ΘΡΑΚΗ» ἀναχωρεῖ αὔριον Κυριακὴν διὰ Βόλον, Θεσσαλονίκην, Καβάλλαν, Δεδεαγάτς. Πρακτορεῖον ὁδὸς Τσαμαδοῦ 12.
ΗΠΕΙΡΩΤΙΚΗ ΑΤΜΟΠΛΟΪΑ
Τὸ ἀτμόπλοιον «ΤΑΣΟΣ» ἀναχωρεῖ Δευτέραν 14 τρ. ὥραν 6 μ. μ. διὰ Πάτρας, Ἰθάκην, Πρέβεζαν, Σαγιάδα, Κέρκυραν καὶ Ἀμφιλοχίαν. Πράκτορες Βλασσόπουλοι — Κοτσάνης, τηλ. 59.
Γ. ΣΤΑΥΡΟΠΟΥΛΟΥ · Ὁδὸς Ἑρμοῦ 27
